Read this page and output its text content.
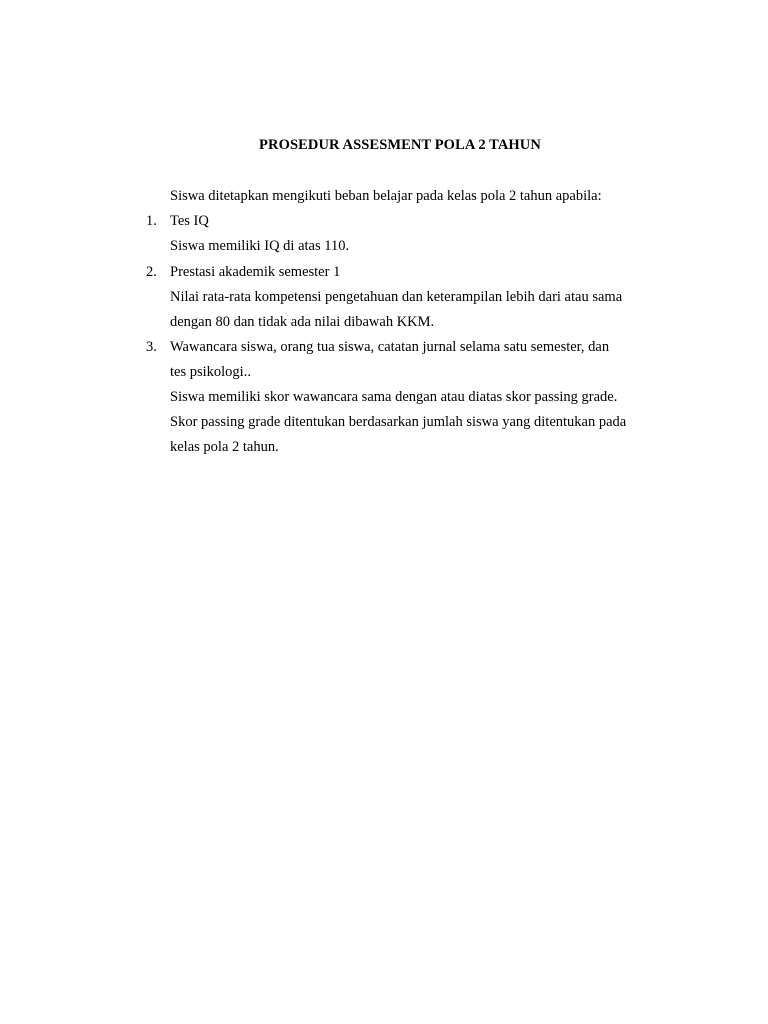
PROSEDUR ASSESMENT POLA 2 TAHUN
Siswa ditetapkan mengikuti beban belajar pada kelas pola 2 tahun apabila:
1. Tes IQ
Siswa memiliki IQ di atas 110.
2. Prestasi akademik semester 1
Nilai rata-rata kompetensi pengetahuan dan keterampilan lebih dari atau sama
dengan 80 dan tidak ada nilai dibawah KKM.
3. Wawancara siswa, orang tua siswa, catatan jurnal selama satu semester, dan
tes psikologi..
Siswa memiliki skor wawancara sama dengan atau diatas skor passing grade.
Skor passing grade ditentukan berdasarkan jumlah siswa yang ditentukan pada
kelas pola 2 tahun.
